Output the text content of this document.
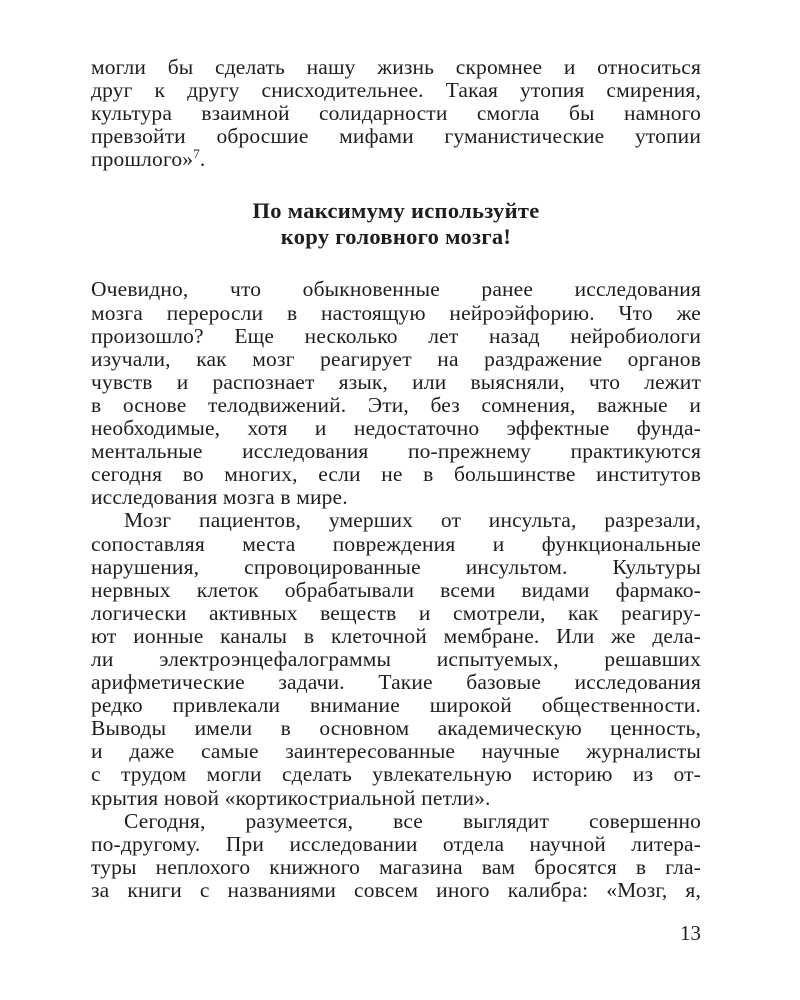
могли бы сделать нашу жизнь скромнее и относиться
друг к другу снисходительнее. Такая утопия смирения,
культура взаимной солидарности смогла бы намного
превзойти обросшие мифами гуманистические утопии
прошлого»$^7$.
По максимуму используйте
кору головного мозга!
Очевидно, что обыкновенные ранее исследования
мозга переросли в настоящую нейроэйфорию. Что же
произошло? Еще несколько лет назад нейробиологи
изучали, как мозг реагирует на раздражение органов
чувств и распознает язык, или выясняли, что лежит
в основе телодвижений. Эти, без сомнения, важные и
необходимые, хотя и недостаточно эффектные фунда-
ментальные исследования по-прежнему практикуются
сегодня во многих, если не в большинстве институтов
исследования мозга в мире.
Мозг пациентов, умерших от инсульта, разрезали,
сопоставляя места повреждения и функциональные
нарушения, спровоцированные инсультом. Культуры
нервных клеток обрабатывали всеми видами фармако-
логически активных веществ и смотрели, как реагиру-
ют ионные каналы в клеточной мембране. Или же дела-
ли электроэнцефалограммы испытуемых, решавших
арифметические задачи. Такие базовые исследования
редко привлекали внимание широкой общественности.
Выводы имели в основном академическую ценность,
и даже самые заинтересованные научные журналисты
с трудом могли сделать увлекательную историю из от-
крытия новой «кортикостриальной петли».
Сегодня, разумеется, все выглядит совершенно
по-другому. При исследовании отдела научной литера-
туры неплохого книжного магазина вам бросятся в гла-
за книги с названиями совсем иного калибра: «Мозг, я,
13
